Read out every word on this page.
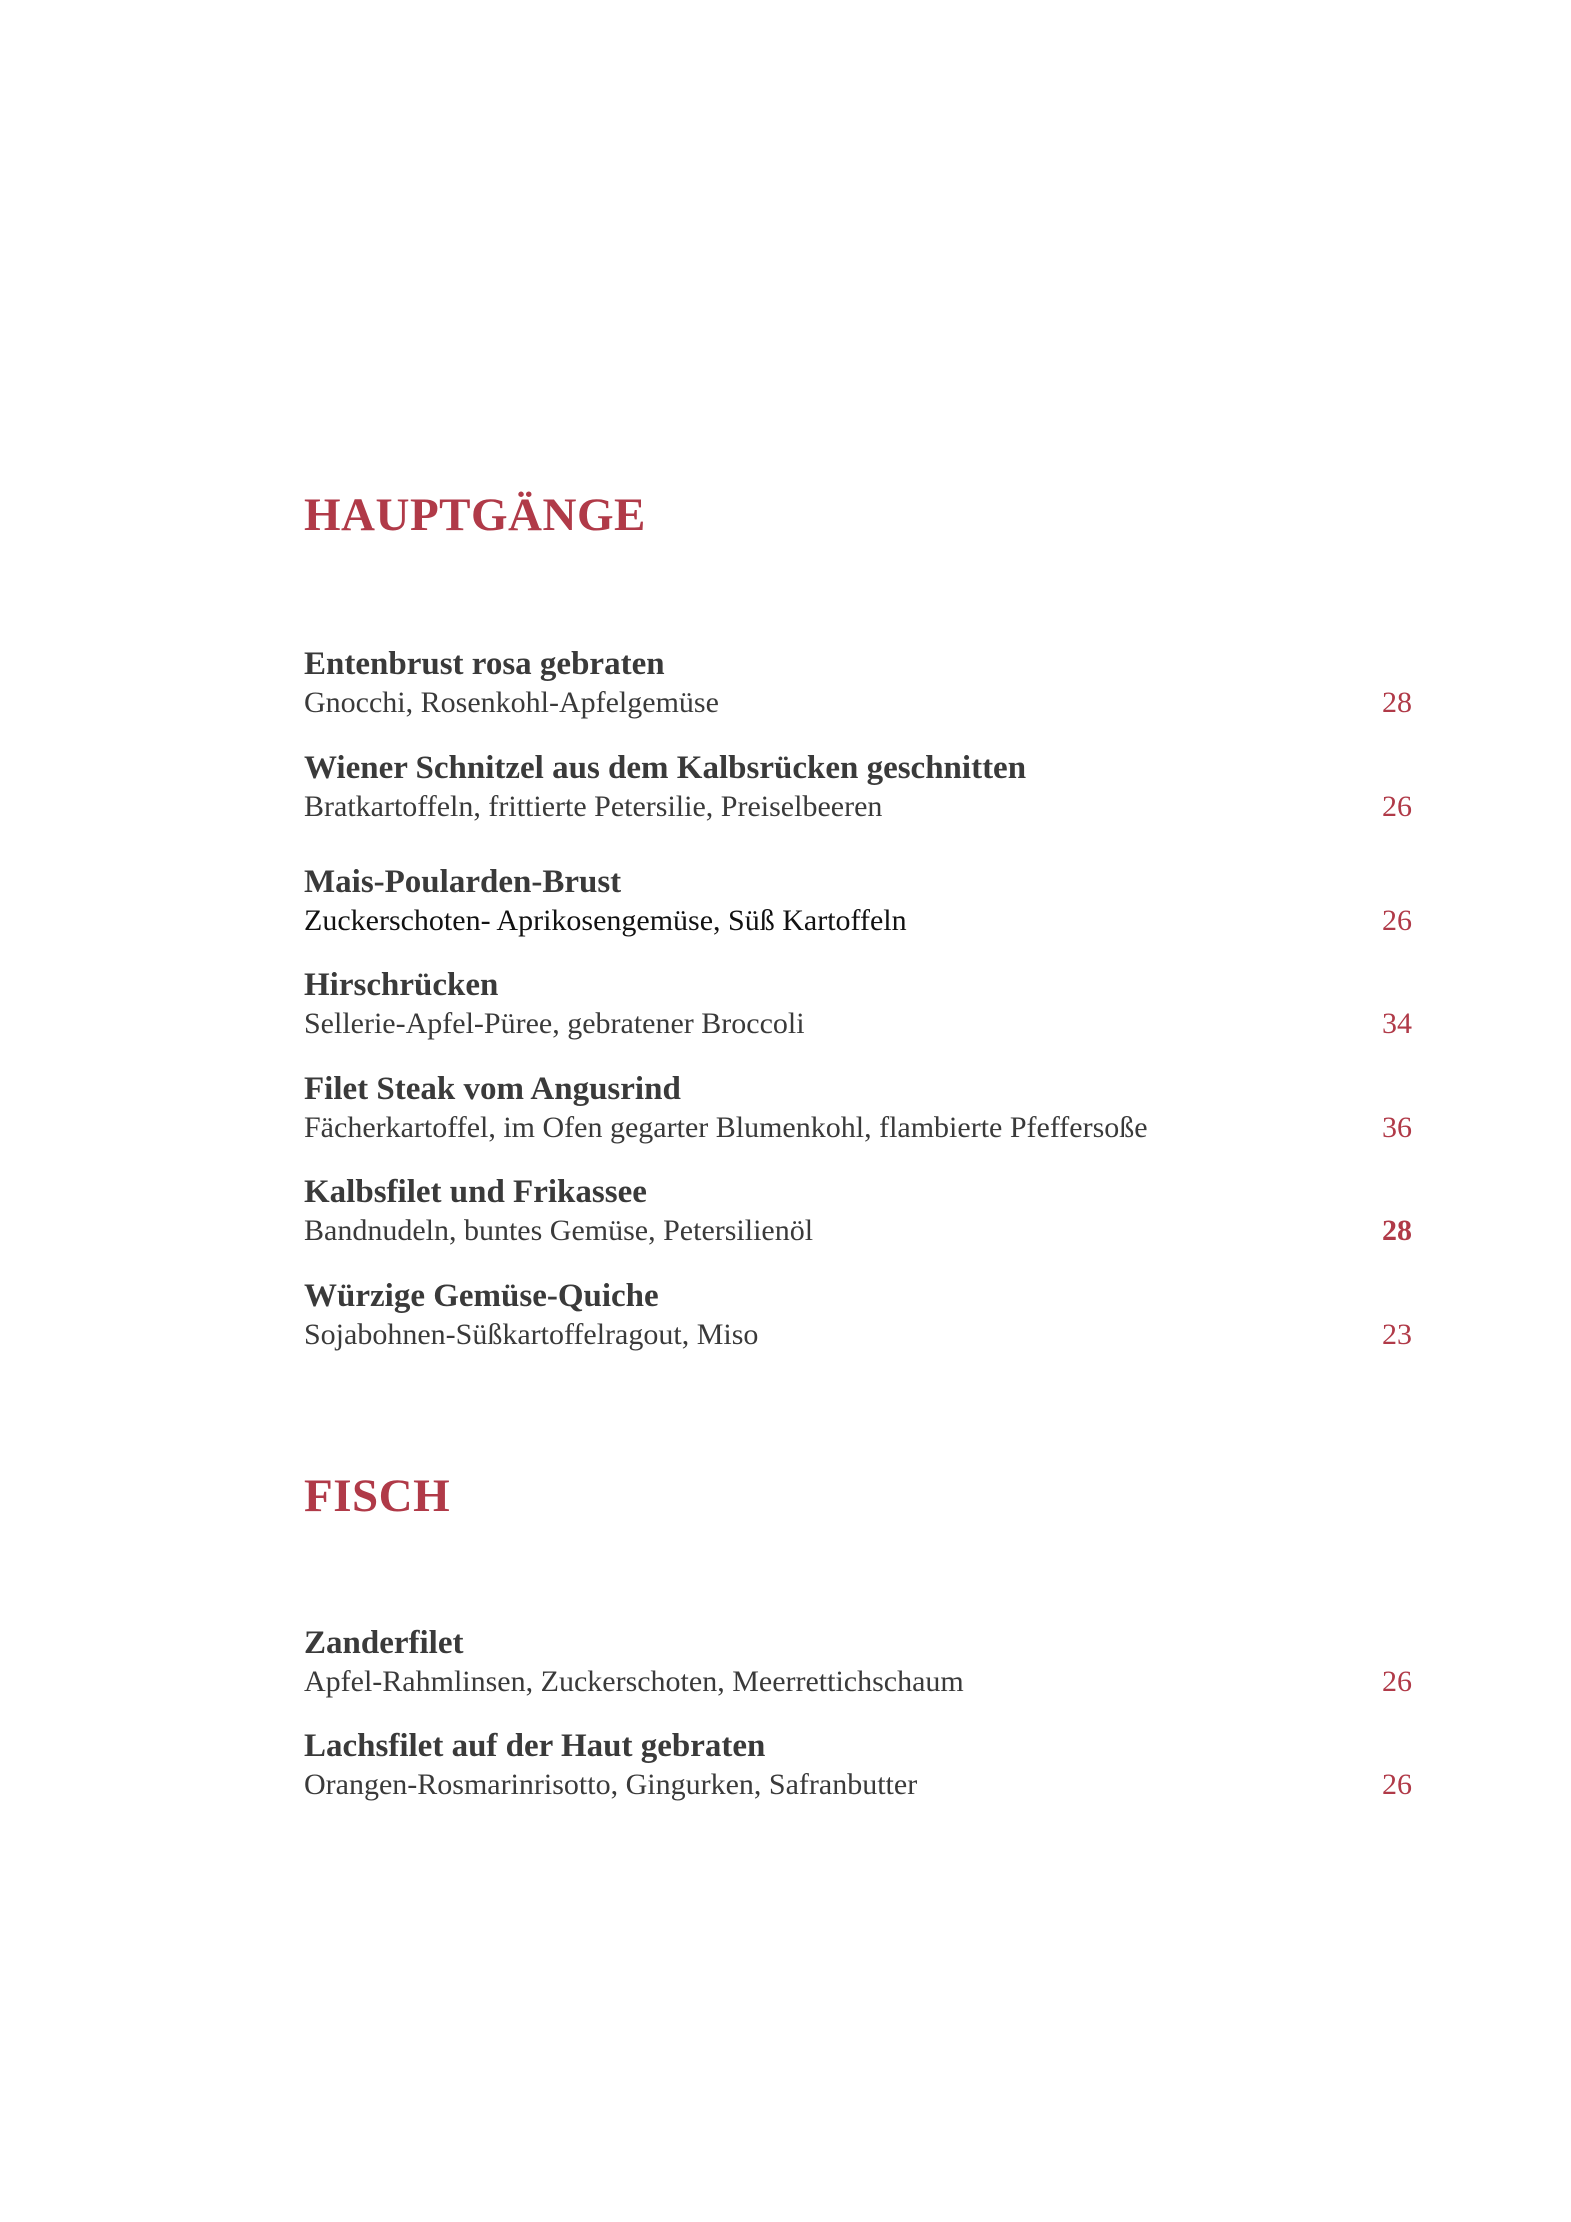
HAUPTGÄNGE
Entenbrust rosa gebraten
Gnocchi, Rosenkohl-Apfelgemüse	28
Wiener Schnitzel aus dem Kalbsrücken geschnitten
Bratkartoffeln, frittierte Petersilie, Preiselbeeren	26
Mais-Poularden-Brust
Zuckerschoten- Aprikosengemüse, Süß Kartoffeln	26
Hirschrücken
Sellerie-Apfel-Püree, gebratener Broccoli	34
Filet Steak vom Angusrind
Fächerkartoffel, im Ofen gegarter Blumenkohl, flambierte Pfeffersoße	36
Kalbsfilet und Frikassee
Bandnudeln, buntes Gemüse, Petersilienöl	28
Würzige Gemüse-Quiche
Sojabohnen-Süßkartoffelragout, Miso	23
FISCH
Zanderfilet
Apfel-Rahmlinsen, Zuckerschoten, Meerrettichschaum	26
Lachsfilet auf der Haut gebraten
Orangen-Rosmarinrisotto, Gingurken, Safranbutter	26
